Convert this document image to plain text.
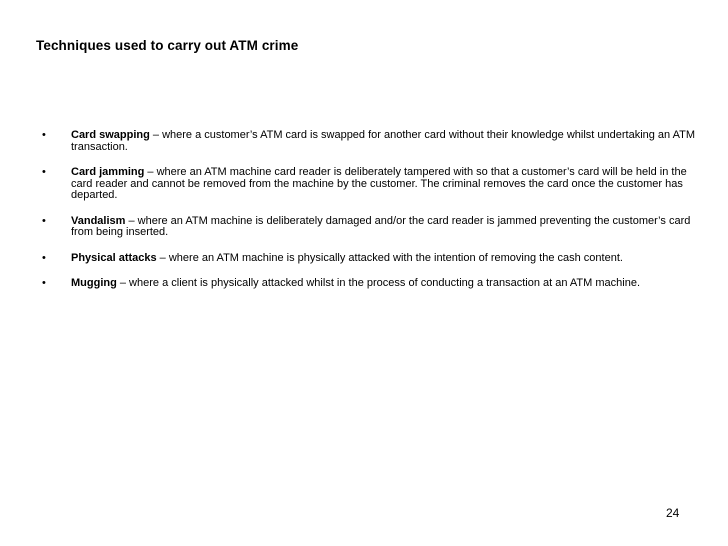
Techniques used to carry out ATM crime
•	Card swapping – where a customer’s ATM card is swapped for another card without their knowledge whilst undertaking an ATM transaction.
•	Card jamming – where an ATM machine card reader is deliberately tampered with so that a customer’s card will be held in the card reader and cannot be removed from the machine by the customer. The criminal removes the card once the customer has departed.
•	Vandalism – where an ATM machine is deliberately damaged and/or the card reader is jammed preventing the customer’s card from being inserted.
•	Physical attacks – where an ATM machine is physically attacked with the intention of removing the cash content.
•	Mugging – where a client is physically attacked whilst in the process of conducting a transaction at an ATM machine.
24
